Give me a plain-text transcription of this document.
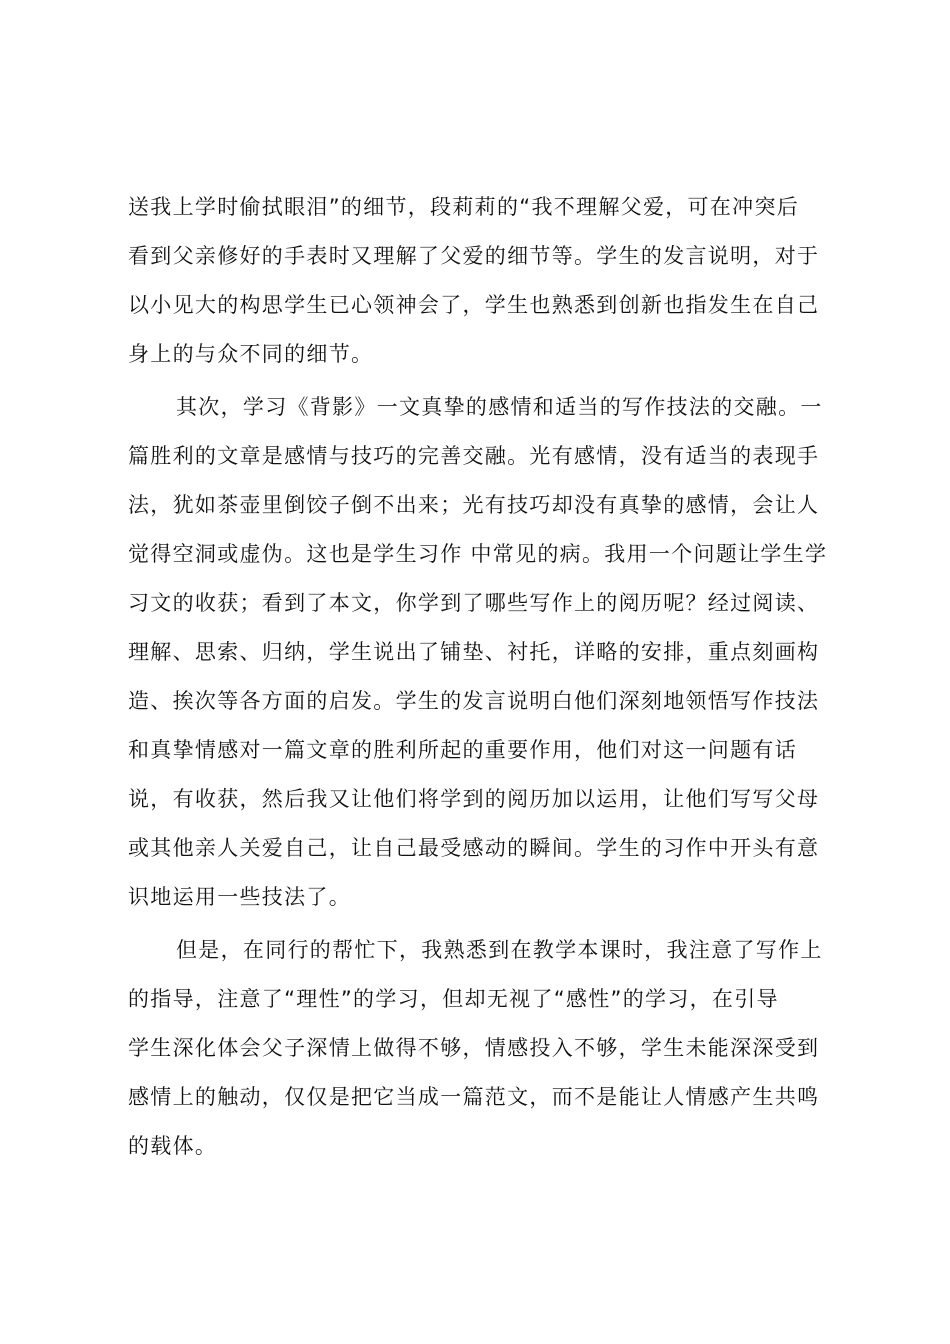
送我上学时偷拭眼泪”的细节，段莉莉的“我不理解父爱，可在冲突后
看到父亲修好的手表时又理解了父爱的细节等。学生的发言说明，对于
以小见大的构思学生已心领神会了，学生也熟悉到创新也指发生在自己
身上的与众不同的细节。
其次，学习《背影》一文真挚的感情和适当的写作技法的交融。一
篇胜利的文章是感情与技巧的完善交融。光有感情，没有适当的表现手
法，犹如茶壶里倒饺子倒不出来；光有技巧却没有真挚的感情，会让人
觉得空洞或虚伪。这也是学生习作 中常见的病。我用一个问题让学生学
习文的收获；看到了本文，你学到了哪些写作上的阅历呢？经过阅读、
理解、思索、归纳，学生说出了铺垫、衬托，详略的安排，重点刻画构
造、挨次等各方面的启发。学生的发言说明白他们深刻地领悟写作技法
和真挚情感对一篇文章的胜利所起的重要作用，他们对这一问题有话
说，有收获，然后我又让他们将学到的阅历加以运用，让他们写写父母
或其他亲人关爱自己，让自己最受感动的瞬间。学生的习作中开头有意
识地运用一些技法了。
但是，在同行的帮忙下，我熟悉到在教学本课时，我注意了写作上
的指导，注意了“理性”的学习，但却无视了“感性”的学习，在引导
学生深化体会父子深情上做得不够，情感投入不够，学生未能深深受到
感情上的触动，仅仅是把它当成一篇范文，而不是能让人情感产生共鸣
的载体。
